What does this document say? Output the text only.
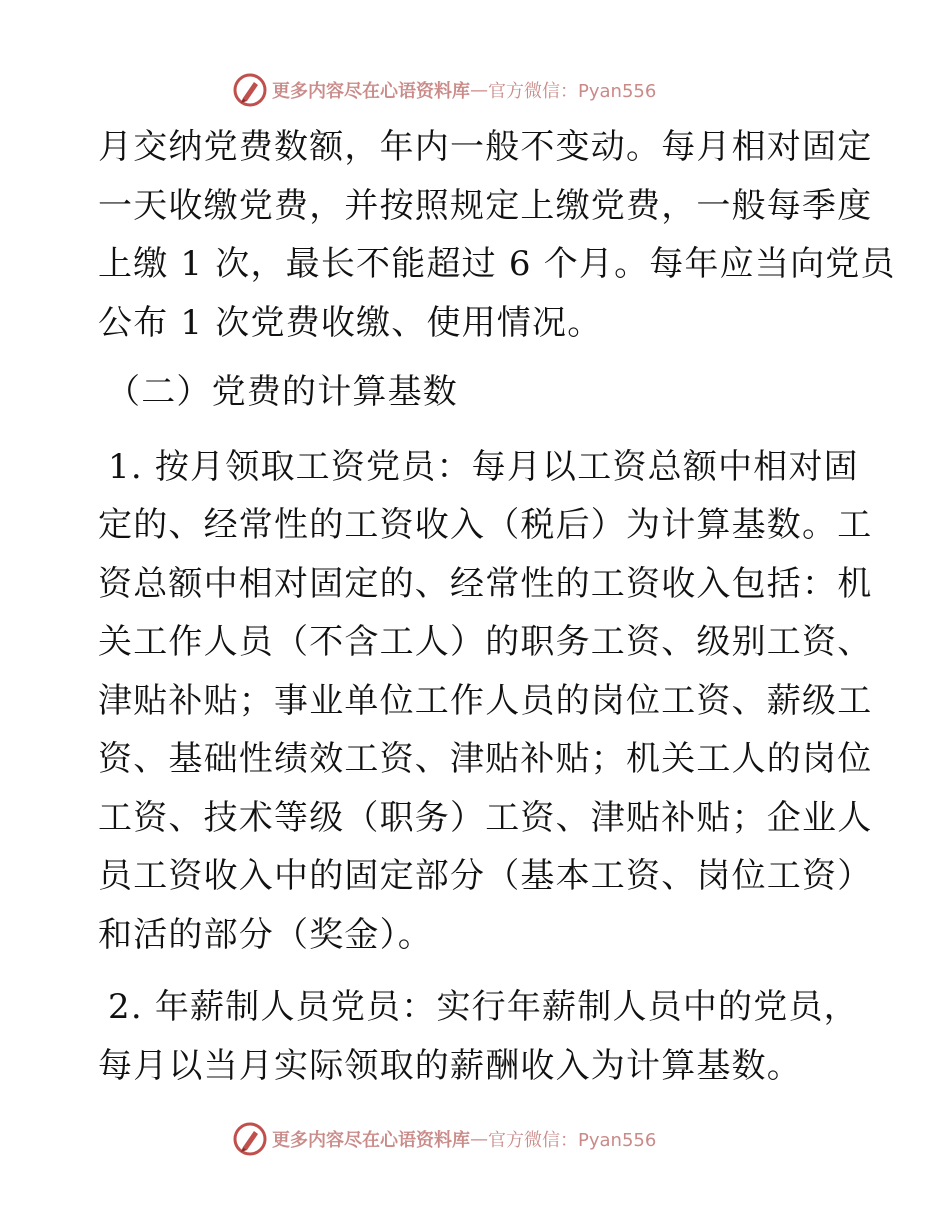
更多内容尽在心语资料库 — 官方微信：Pyan556

月交纳党费数额，年内一般不变动。每月相对固定
一天收缴党费，并按照规定上缴党费，一般每季度
上缴 1 次，最长不能超过 6 个月。每年应当向党员
公布 1 次党费收缴、使用情况。

（二）党费的计算基数

1. 按月领取工资党员：每月以工资总额中相对固
定的、经常性的工资收入（税后）为计算基数。工
资总额中相对固定的、经常性的工资收入包括：机
关工作人员（不含工人）的职务工资、级别工资、
津贴补贴；事业单位工作人员的岗位工资、薪级工
资、基础性绩效工资、津贴补贴；机关工人的岗位
工资、技术等级（职务）工资、津贴补贴；企业人
员工资收入中的固定部分（基本工资、岗位工资）
和活的部分（奖金）。

2. 年薪制人员党员：实行年薪制人员中的党员，
每月以当月实际领取的薪酬收入为计算基数。

更多内容尽在心语资料库 — 官方微信：Pyan556
